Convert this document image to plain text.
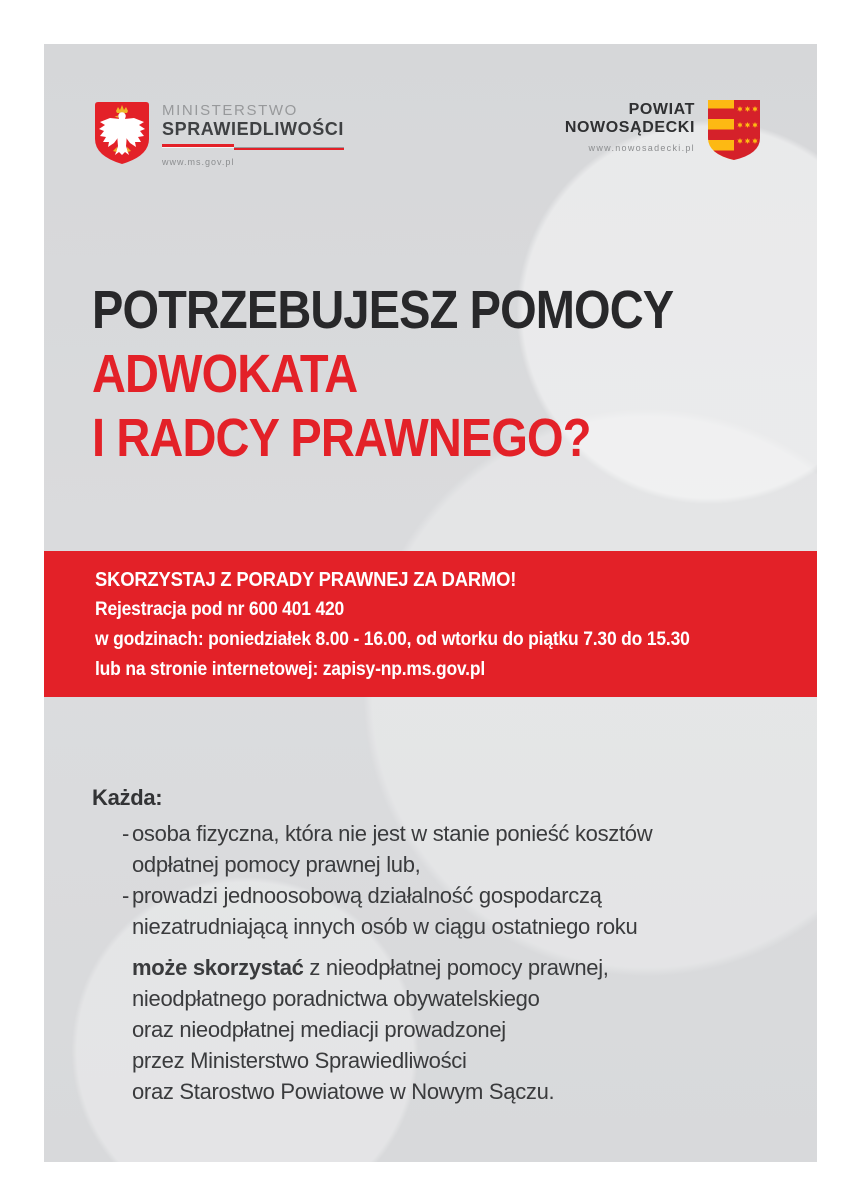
MINISTERSTWO
SPRAWIEDLIWOŚCI
www.ms.gov.pl
POWIAT
NOWOSĄDECKI
www.nowosadecki.pl
POTRZEBUJESZ POMOCY
ADWOKATA
I RADCY PRAWNEGO?
SKORZYSTAJ Z PORADY PRAWNEJ ZA DARMO!
Rejestracja pod nr 600 401 420
w godzinach: poniedziałek 8.00 - 16.00, od wtorku do piątku 7.30 do 15.30
lub na stronie internetowej: zapisy-np.ms.gov.pl
Każda:
- osoba fizyczna, która nie jest w stanie ponieść kosztów
odpłatnej pomocy prawnej lub,
- prowadzi jednoosobową działalność gospodarczą
niezatrudniającą innych osób w ciągu ostatniego roku
może skorzystać z nieodpłatnej pomocy prawnej,
nieodpłatnego poradnictwa obywatelskiego
oraz nieodpłatnej mediacji prowadzonej
przez Ministerstwo Sprawiedliwości
oraz Starostwo Powiatowe w Nowym Sączu.
